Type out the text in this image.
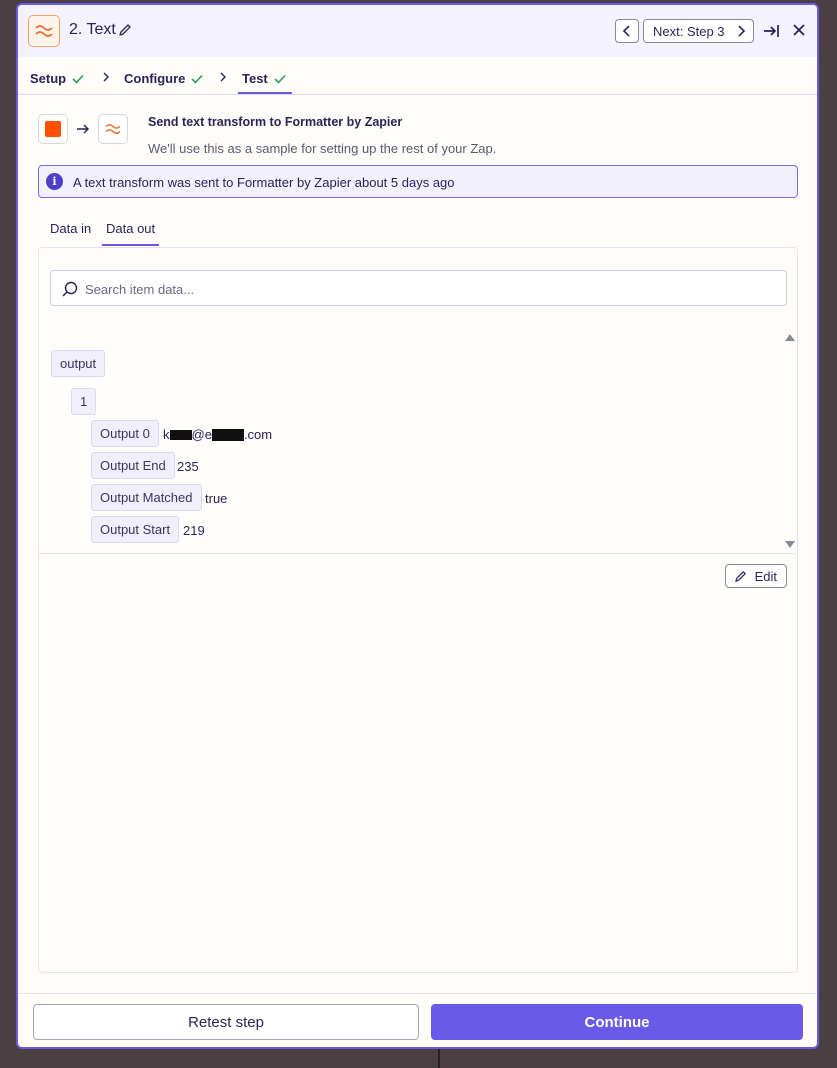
2. Text	Next: Step 3
Setup	Configure	Test
Send text transform to Formatter by Zapier
We'll use this as a sample for setting up the rest of your Zap.
i	A text transform was sent to Formatter by Zapier about 5 days ago
Data in Data out
Search item data...
output
1
Output 0	k @e .com
Output End 235
Output Matched true
Output Start 219
Edit
Retest step	Continue
